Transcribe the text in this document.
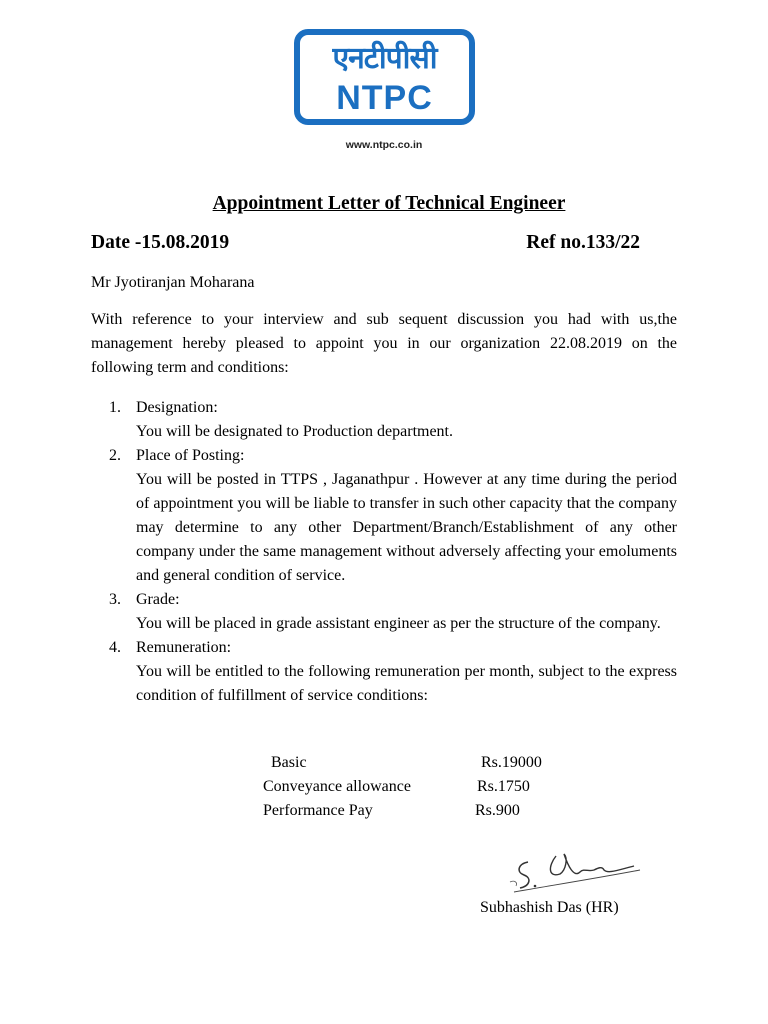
एनटीपीसी
NTPC
www.ntpc.co.in
Appointment Letter of Technical Engineer
Date -15.08.2019	Ref no.133/22
Mr Jyotiranjan Moharana
With reference to your interview and sub sequent discussion you had with us,the management hereby pleased to appoint you in our organization 22.08.2019 on the following term and conditions:
1. Designation:
You will be designated to Production department.
2. Place of Posting:
You will be posted in TTPS , Jaganathpur . However at any time during the period of appointment you will be liable to transfer in such other capacity that the company may determine to any other Department/Branch/Establishment of any other company under the same management without adversely affecting your emoluments and general condition of service.
3. Grade:
You will be placed in grade assistant engineer as per the structure of the company.
4. Remuneration:
You will be entitled to the following remuneration per month, subject to the express condition of fulfillment of service conditions:
Basic	Rs.19000
Conveyance allowance	Rs.1750
Performance Pay	Rs.900
Subhashish Das (HR)
